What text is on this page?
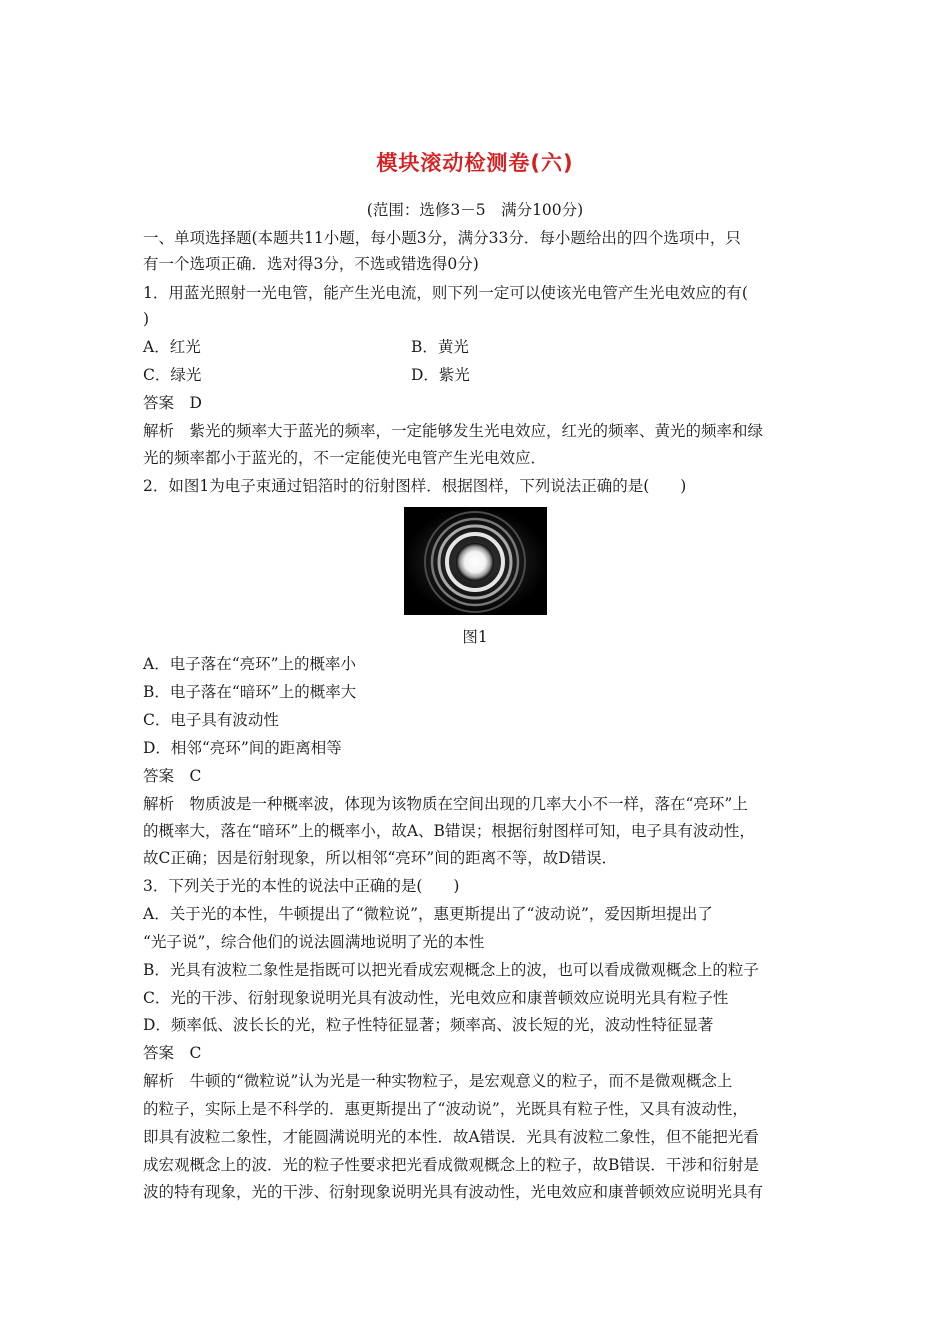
模块滚动检测卷(六)
(范围：选修3－5　满分100分)
一、单项选择题(本题共11小题，每小题3分，满分33分．每小题给出的四个选项中，只
有一个选项正确．选对得3分，不选或错选得0分)
1．用蓝光照射一光电管，能产生光电流，则下列一定可以使该光电管产生光电效应的有(
)
A．红光	B．黄光
C．绿光	D．紫光
答案　D
解析　紫光的频率大于蓝光的频率，一定能够发生光电效应，红光的频率、黄光的频率和绿
光的频率都小于蓝光的，不一定能使光电管产生光电效应．
2．如图1为电子束通过铝箔时的衍射图样．根据图样，下列说法正确的是(　　)
图1
A．电子落在“亮环”上的概率小
B．电子落在“暗环”上的概率大
C．电子具有波动性
D．相邻“亮环”间的距离相等
答案　C
解析　物质波是一种概率波，体现为该物质在空间出现的几率大小不一样，落在“亮环”上
的概率大，落在“暗环”上的概率小，故A、B错误；根据衍射图样可知，电子具有波动性，
故C正确；因是衍射现象，所以相邻“亮环”间的距离不等，故D错误．
3．下列关于光的本性的说法中正确的是(　　)
A．关于光的本性，牛顿提出了“微粒说”，惠更斯提出了“波动说”，爱因斯坦提出了
“光子说”，综合他们的说法圆满地说明了光的本性
B．光具有波粒二象性是指既可以把光看成宏观概念上的波，也可以看成微观概念上的粒子
C．光的干涉、衍射现象说明光具有波动性，光电效应和康普顿效应说明光具有粒子性
D．频率低、波长长的光，粒子性特征显著；频率高、波长短的光，波动性特征显著
答案　C
解析　牛顿的“微粒说”认为光是一种实物粒子，是宏观意义的粒子，而不是微观概念上
的粒子，实际上是不科学的．惠更斯提出了“波动说”，光既具有粒子性，又具有波动性，
即具有波粒二象性，才能圆满说明光的本性．故A错误．光具有波粒二象性，但不能把光看
成宏观概念上的波．光的粒子性要求把光看成微观概念上的粒子，故B错误．干涉和衍射是
波的特有现象，光的干涉、衍射现象说明光具有波动性，光电效应和康普顿效应说明光具有
